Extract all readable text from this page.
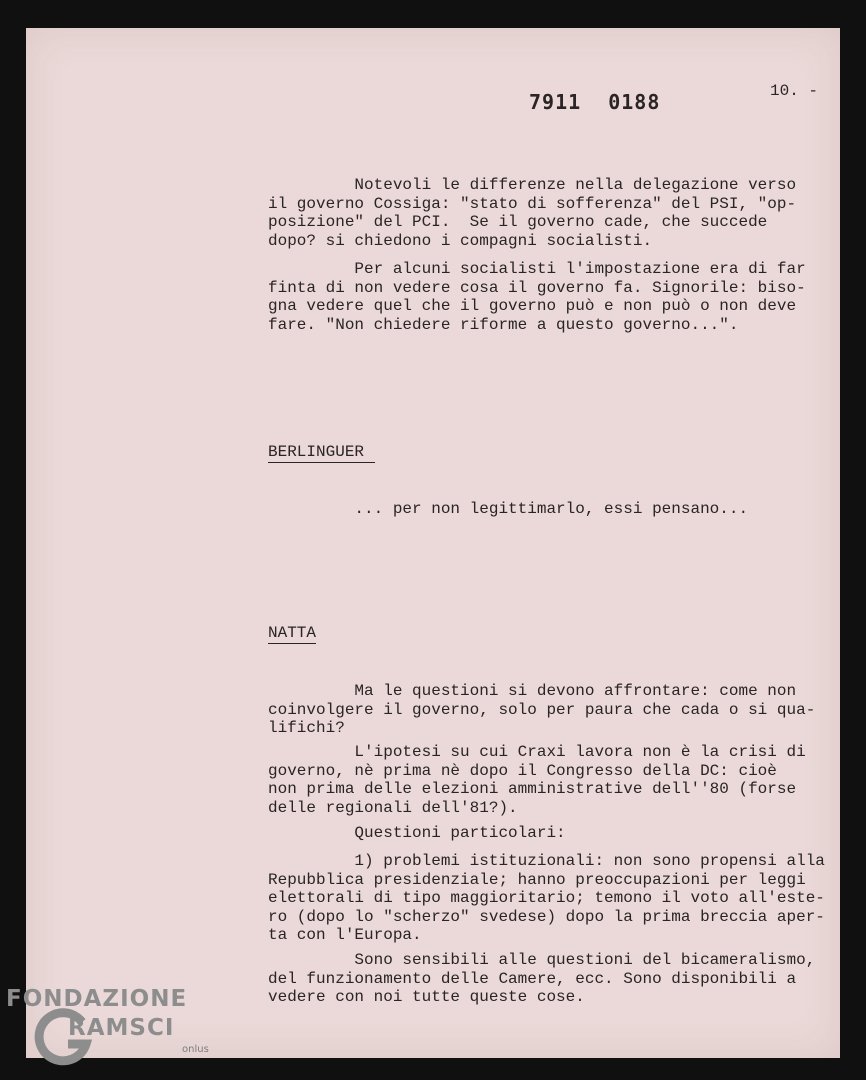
7911 0188	10. -

Notevoli le differenze nella delegazione verso
il governo Cossiga: "stato di sofferenza" del PSI, "op-
posizione" del PCI.  Se il governo cade, che succede
dopo? si chiedono i compagni socialisti.

Per alcuni socialisti l'impostazione era di far
finta di non vedere cosa il governo fa. Signorile: biso-
gna vedere quel che il governo può e non può o non deve
fare. "Non chiedere riforme a questo governo...".

BERLINGUER

... per non legittimarlo, essi pensano...

NATTA

Ma le questioni si devono affrontare: come non
coinvolgere il governo, solo per paura che cada o si qua-
lifichi?

L'ipotesi su cui Craxi lavora non è la crisi di
governo, nè prima nè dopo il Congresso della DC: cioè
non prima delle elezioni amministrative dell''80 (forse
delle regionali dell'81?).

Questioni particolari:

1) problemi istituzionali: non sono propensi alla
Repubblica presidenziale; hanno preoccupazioni per leggi
elettorali di tipo maggioritario; temono il voto all'este-
ro (dopo lo "scherzo" svedese) dopo la prima breccia aper-
ta con l'Europa.

Sono sensibili alle questioni del bicameralismo,
del funzionamento delle Camere, ecc. Sono disponibili a
vedere con noi tutte queste cose.

FONDAZIONE
RAMSCI
onlus
